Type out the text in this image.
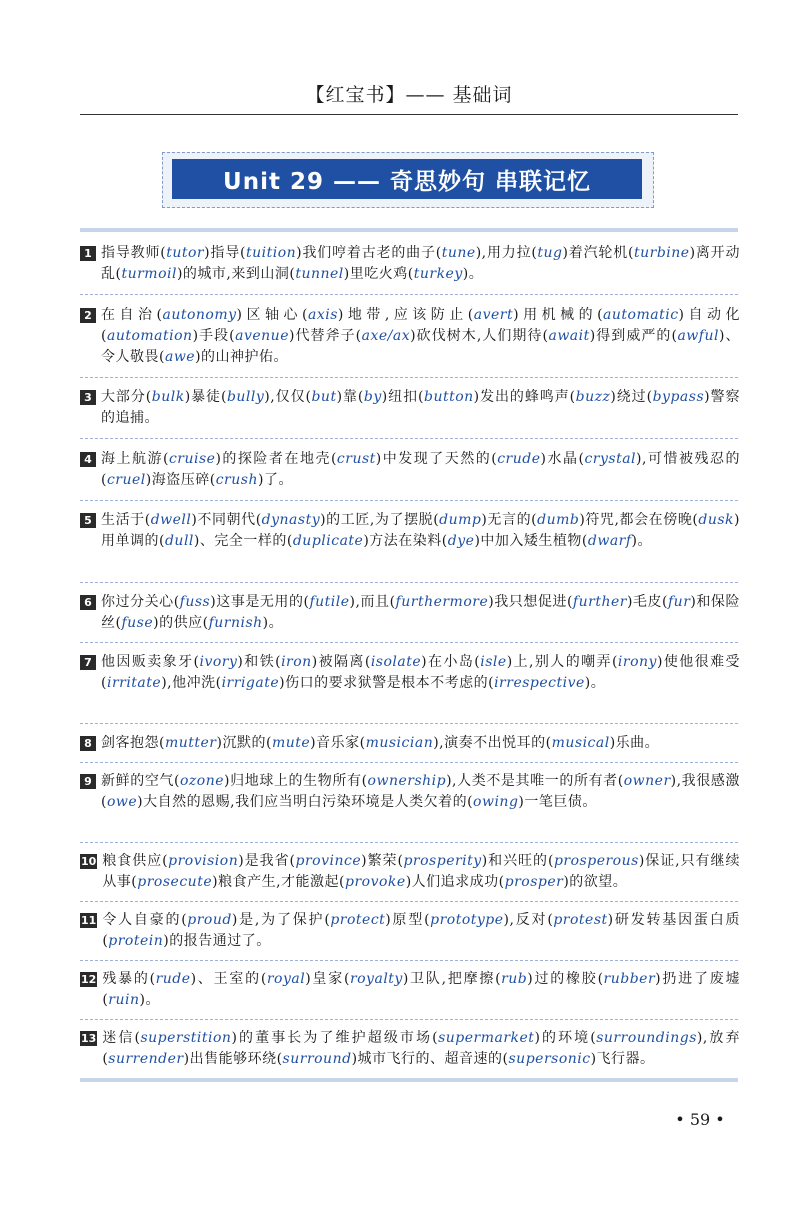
【红宝书】—— 基础词
Unit 29 —— 奇思妙句 串联记忆
1 指导教师(tutor)指导(tuition)我们哼着古老的曲子(tune),用力拉(tug)着汽轮机(turbine)离开动乱(turmoil)的城市,来到山洞(tunnel)里吃火鸡(turkey)。
2 在自治(autonomy)区轴心(axis)地带,应该防止(avert)用机械的(automatic)自动化(automation)手段(avenue)代替斧子(axe/ax)砍伐树木,人们期待(await)得到威严的(awful)、令人敬畏(awe)的山神护佑。
3 大部分(bulk)暴徒(bully),仅仅(but)靠(by)纽扣(button)发出的蜂鸣声(buzz)绕过(bypass)警察的追捕。
4 海上航游(cruise)的探险者在地壳(crust)中发现了天然的(crude)水晶(crystal),可惜被残忍的(cruel)海盗压碎(crush)了。
5 生活于(dwell)不同朝代(dynasty)的工匠,为了摆脱(dump)无言的(dumb)符咒,都会在傍晚(dusk)用单调的(dull)、完全一样的(duplicate)方法在染料(dye)中加入矮生植物(dwarf)。
6 你过分关心(fuss)这事是无用的(futile),而且(furthermore)我只想促进(further)毛皮(fur)和保险丝(fuse)的供应(furnish)。
7 他因贩卖象牙(ivory)和铁(iron)被隔离(isolate)在小岛(isle)上,别人的嘲弄(irony)使他很难受(irritate),他冲洗(irrigate)伤口的要求狱警是根本不考虑的(irrespective)。
8 剑客抱怨(mutter)沉默的(mute)音乐家(musician),演奏不出悦耳的(musical)乐曲。
9 新鲜的空气(ozone)归地球上的生物所有(ownership),人类不是其唯一的所有者(owner),我很感激(owe)大自然的恩赐,我们应当明白污染环境是人类欠着的(owing)一笔巨债。
10 粮食供应(provision)是我省(province)繁荣(prosperity)和兴旺的(prosperous)保证,只有继续从事(prosecute)粮食产生,才能激起(provoke)人们追求成功(prosper)的欲望。
11 令人自豪的(proud)是,为了保护(protect)原型(prototype),反对(protest)研发转基因蛋白质(protein)的报告通过了。
12 残暴的(rude)、王室的(royal)皇家(royalty)卫队,把摩擦(rub)过的橡胶(rubber)扔进了废墟(ruin)。
13 迷信(superstition)的董事长为了维护超级市场(supermarket)的环境(surroundings),放弃(surrender)出售能够环绕(surround)城市飞行的、超音速的(supersonic)飞行器。
• 59 •
